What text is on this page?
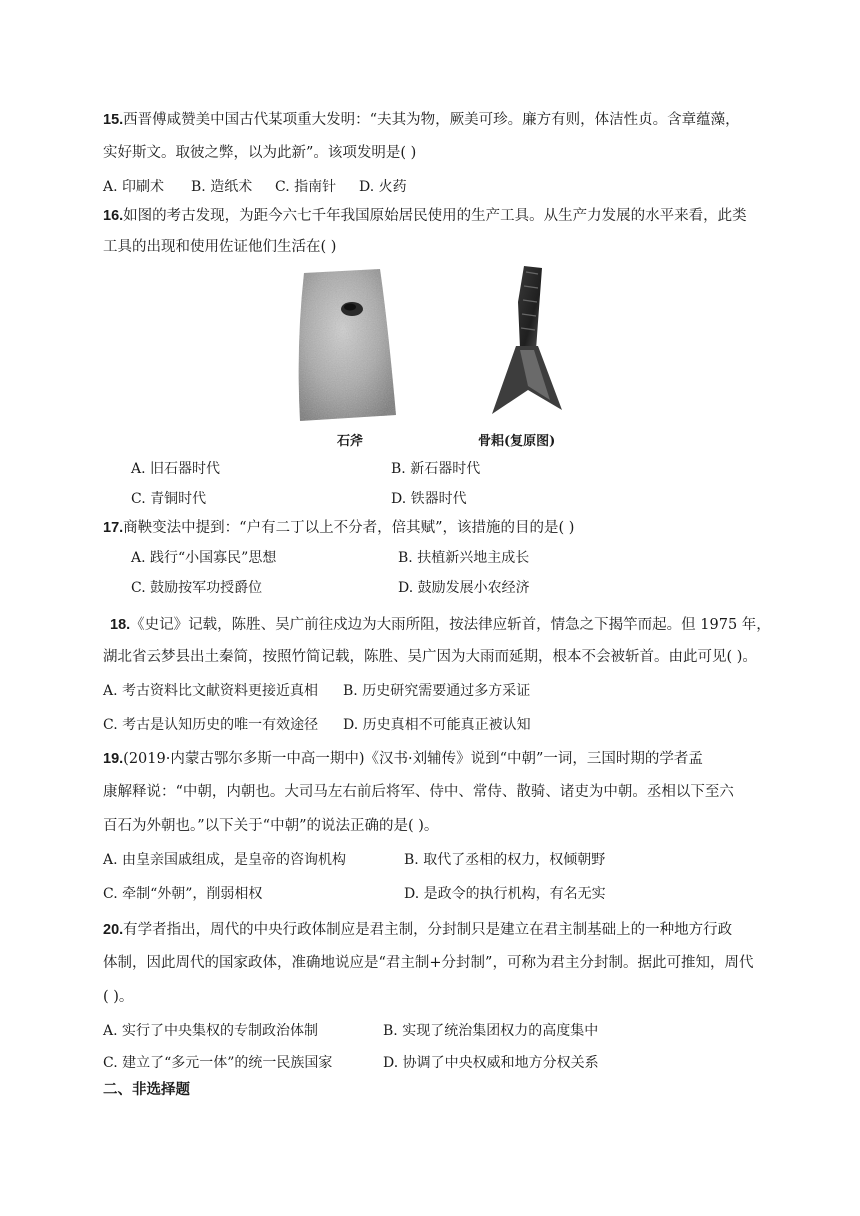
15.西晋傅咸赞美中国古代某项重大发明：“夫其为物，厥美可珍。廉方有则，体洁性贞。含章蕴藻，
实好斯文。取彼之弊，以为此新”。该项发明是( )
A. 印刷术 B. 造纸术 C. 指南针 D. 火药
16.如图的考古发现，为距今六七千年我国原始居民使用的生产工具。从生产力发展的水平来看，此类
工具的出现和使用佐证他们生活在( )
石斧	骨耜(复原图)
A. 旧石器时代	B. 新石器时代
C. 青铜时代	D. 铁器时代
17.商鞅变法中提到：“户有二丁以上不分者，倍其赋”，该措施的目的是( )
A. 践行“小国寡民”思想	B. 扶植新兴地主成长
C. 鼓励按军功授爵位	D. 鼓励发展小农经济
18.《史记》记载，陈胜、吴广前往戍边为大雨所阻，按法律应斩首，情急之下揭竿而起。但 1975 年，
湖北省云梦县出土秦简，按照竹简记载，陈胜、吴广因为大雨而延期，根本不会被斩首。由此可见( )。
A. 考古资料比文献资料更接近真相 B. 历史研究需要通过多方采证
C. 考古是认知历史的唯一有效途径 D. 历史真相不可能真正被认知
19.(2019·内蒙古鄂尔多斯一中高一期中)《汉书·刘辅传》说到“中朝”一词，三国时期的学者孟
康解释说：“中朝，内朝也。大司马左右前后将军、侍中、常侍、散骑、诸吏为中朝。丞相以下至六
百石为外朝也。”以下关于“中朝”的说法正确的是( )。
A. 由皇亲国戚组成，是皇帝的咨询机构	B. 取代了丞相的权力，权倾朝野
C. 牵制“外朝”，削弱相权	D. 是政令的执行机构，有名无实
20.有学者指出，周代的中央行政体制应是君主制，分封制只是建立在君主制基础上的一种地方行政
体制，因此周代的国家政体，准确地说应是“君主制+分封制”，可称为君主分封制。据此可推知，周代
( )。
A. 实行了中央集权的专制政治体制	B. 实现了统治集团权力的高度集中
C. 建立了“多元一体”的统一民族国家	D. 协调了中央权威和地方分权关系
二、非选择题
